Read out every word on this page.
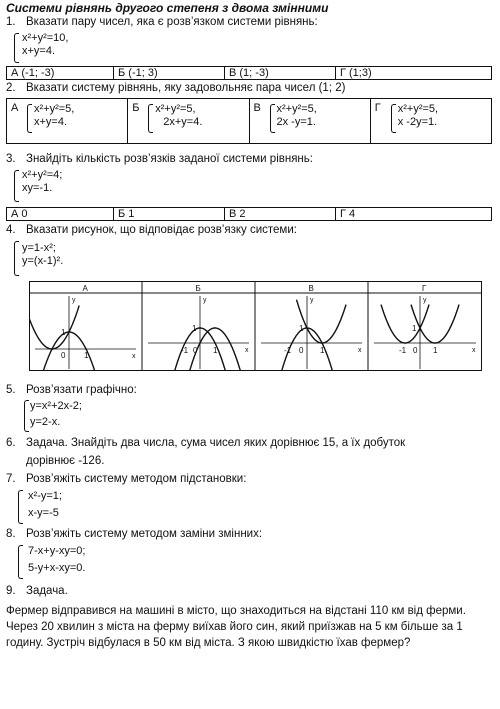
Системи рівнянь другого степеня з двома змінними
1. Вказати пару чисел, яка є розв’язком системи рівнянь:
x²+y²=10,
x+y=4.
А (-1; -3)	Б (-1; 3)	В (1; -3)	Г (1;3)
2. Вказати систему рівнянь, яку задовольняє пара чисел (1; 2)
А x²+y²=5,
x+y=4.
Б x²+y²=5,
2x+y=4.
В x²+y²=5,
2x -y=1.
Г x²+y²=5,
x -2y=1.
3. Знайдіть кількість розв’язків заданої системи рівнянь:
x²+y²=4;
xy=-1.
А 0	Б 1	В 2	Г 4
4. Вказати рисунок, що відповідає розв’язку системи:
y=1-x²;
y=(x-1)².
А
x
y
1
0 1
Б
x
y
1
-1 0 1
В
x
y
1
-1 0 1
Г
x
y
1
-1 0 1
5. Розв’язати графічно:
y=x²+2x-2;
y=2-x.
6. Задача. Знайдіть два числа, сума чисел яких дорівнює 15, а їх добуток
дорівнює -126.
7. Розв’яжіть систему методом підстановки:
x²-y=1;
x-y=-5
8. Розв’яжіть систему методом заміни змінних:
7-x+y-xy=0;
5-y+x-xy=0.
9. Задача.
Фермер відправився на машині в місто, що знаходиться на відстані 110 км від ферми. Через 20 хвилин з міста на ферму виїхав його син, який приїзжав на 5 км більше за 1 годину. Зустріч відбулася в 50 км від міста. З якою швидкістю їхав фермер?
